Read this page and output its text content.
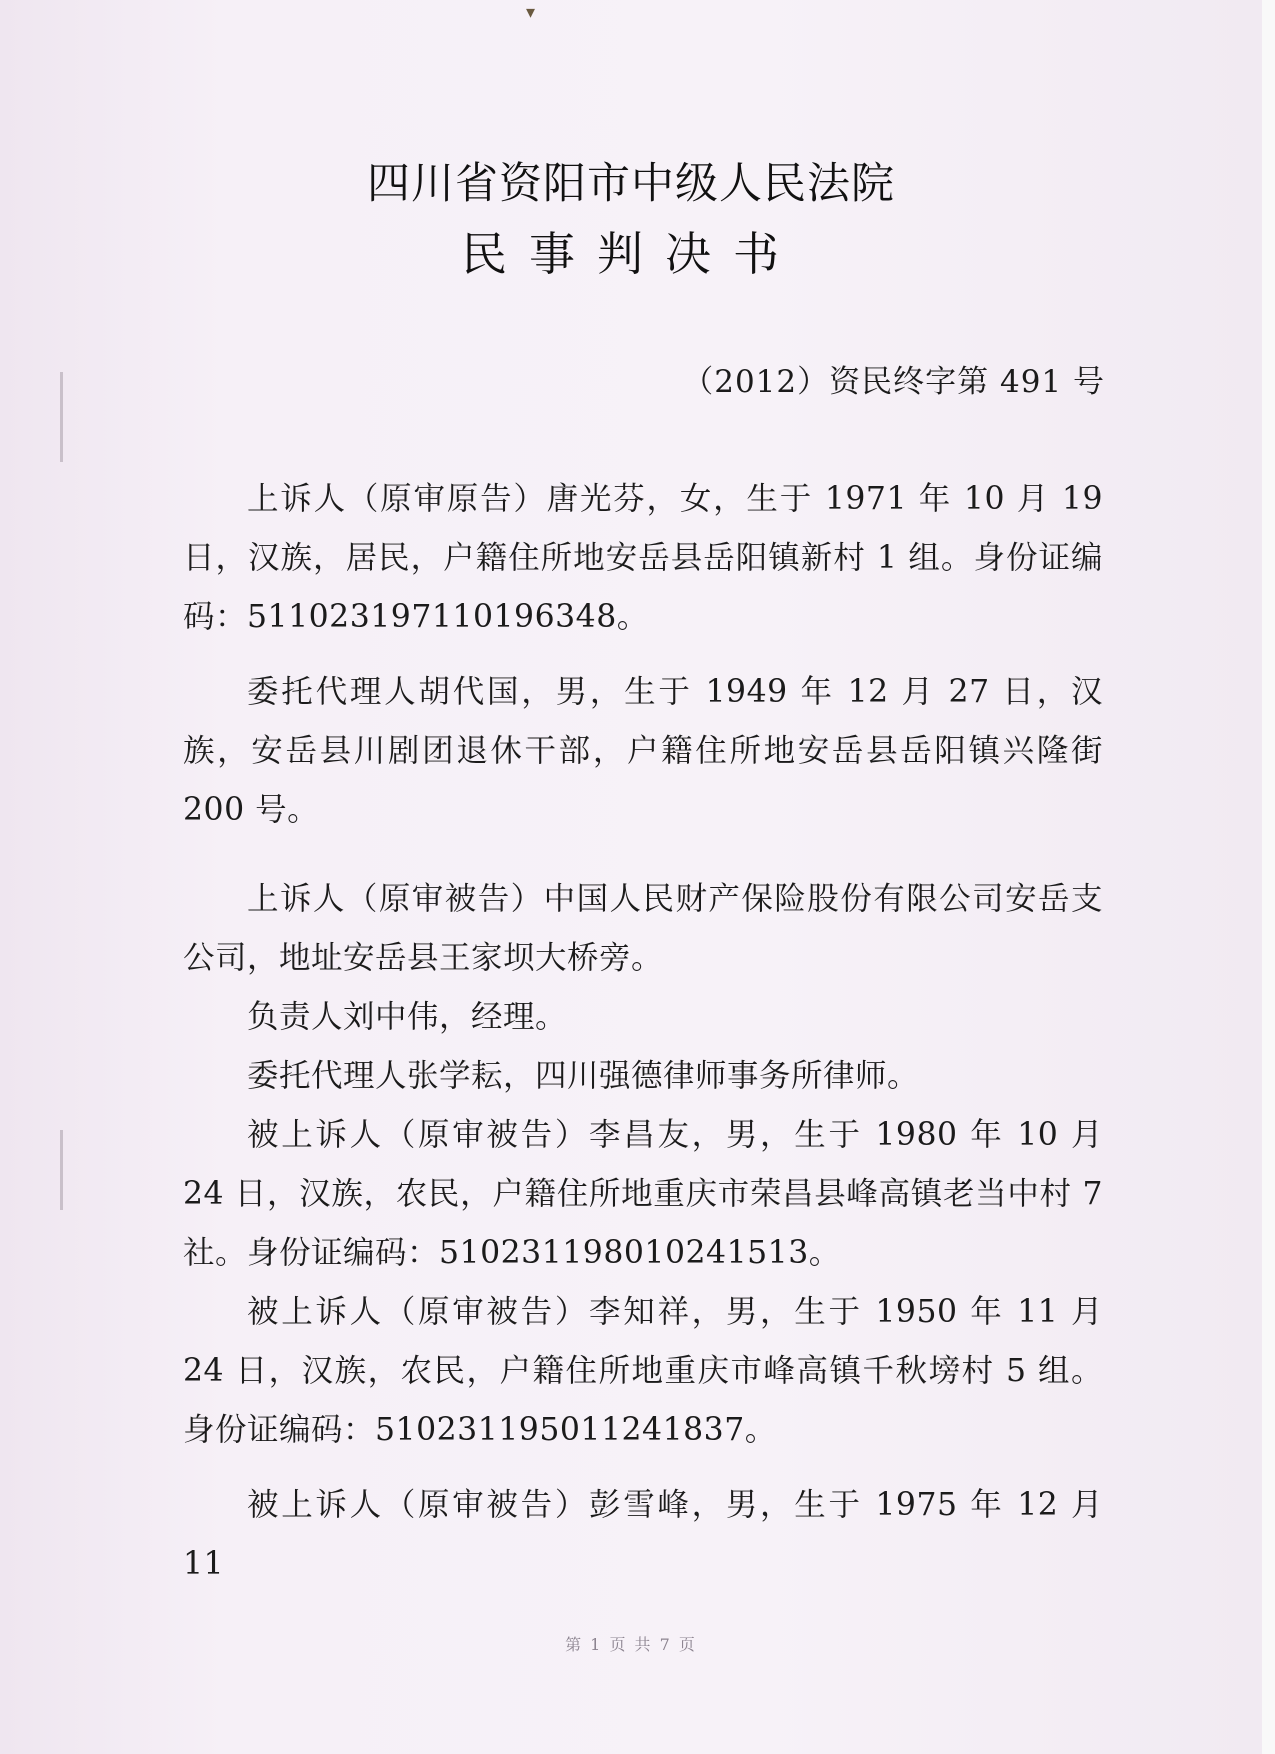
▾
四川省资阳市中级人民法院
民事判决书
（2012）资民终字第 491 号

上诉人（原审原告）唐光芬，女，生于 1971 年 10 月 19 日，汉族，居民，户籍住所地安岳县岳阳镇新村 1 组。身份证编码：511023197110196348。

委托代理人胡代国，男，生于 1949 年 12 月 27 日，汉族，安岳县川剧团退休干部，户籍住所地安岳县岳阳镇兴隆街 200 号。

上诉人（原审被告）中国人民财产保险股份有限公司安岳支公司，地址安岳县王家坝大桥旁。

负责人刘中伟，经理。

委托代理人张学耘，四川强德律师事务所律师。

被上诉人（原审被告）李昌友，男，生于 1980 年 10 月 24 日，汉族，农民，户籍住所地重庆市荣昌县峰高镇老当中村 7 社。身份证编码：510231198010241513。

被上诉人（原审被告）李知祥，男，生于 1950 年 11 月 24 日，汉族，农民，户籍住所地重庆市峰高镇千秋塝村 5 组。身份证编码：510231195011241837。

被上诉人（原审被告）彭雪峰，男，生于 1975 年 12 月 11

第 1 页 共 7 页
